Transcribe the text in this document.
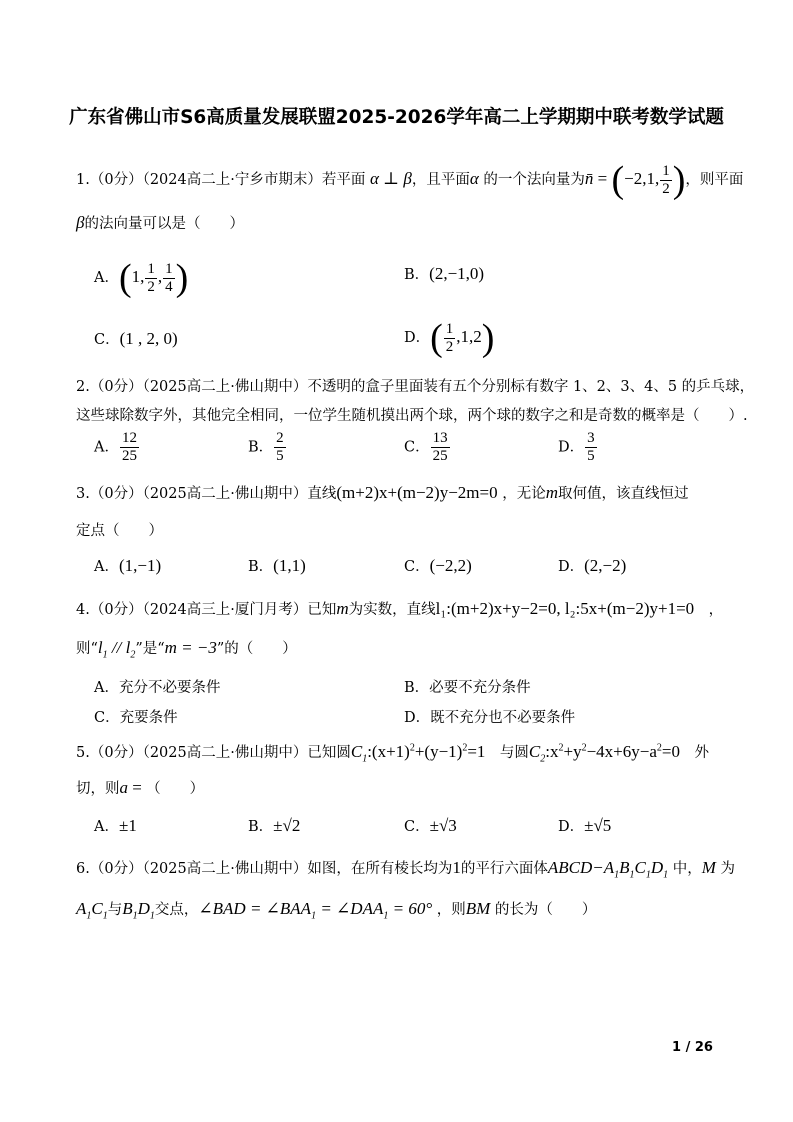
广东省佛山市S6高质量发展联盟2025-2026学年高二上学期期中联考数学试题
1.（0分）（2024高二上·宁乡市期末）若平面 α ⊥ β，且平面α 的一个法向量为n̄ = (−2,1, $\frac{1}{2}$ )，则平面
β的法向量可以是（　　）
A．(1, $\frac{1}{2}$ , $\frac{1}{4}$ )	B．(2,−1,0)
C．(1 , 2, 0)	D．( $\frac{1}{2} ,1,2$)
2.（0分）（2025高二上·佛山期中）不透明的盒子里面装有五个分别标有数字 1、2、3、4、5 的乒乓球，
这些球除数字外，其他完全相同，一位学生随机摸出两个球，两个球的数字之和是奇数的概率是（　　）.
A． $\frac{12}{25}$	B． $\frac{2}{5}$	C． $\frac{13}{25}$	D． $\frac{3}{5}$
3.（0分）（2025高二上·佛山期中）直线(m+2)x+(m−2)y−2m=0 ，无论m取何值，该直线恒过
定点（　　）
A．(1,−1)	B．(1,1)	C．(−2,2)	D．(2,−2)
4.（0分）（2024高三上·厦门月考）已知m为实数，直线l₁:(m+2)x+y−2=0, l₂:5x+(m−2)y+1=0　 ，
则“$l_1 // l_2$”是“m = −3”的（　　）
A．充分不必要条件	B．必要不充分条件
C．充要条件	D．既不充分也不必要条件
5.（0分）（2025高二上·佛山期中）已知圆$C_1:(x+1)^2+(y-1)^2=1$　 与圆$C_2:x^2+y^2-4x+6y-a^2=0$　 外
切，则a = （　　）
A．±1	B．±√2	C．±√3	D．±√5
6.（0分）（2025高二上·佛山期中）如图，在所有棱长均为1的平行六面体$ABCD-A_1B_1C_1D_1$ 中，M 为
$A_1C_1$与$B_1D_1$交点，∠BAD = $\angle BAA_1$ = $\angle DAA_1 = 60^\circ$ ，则BM 的长为（　　）
1 / 26
